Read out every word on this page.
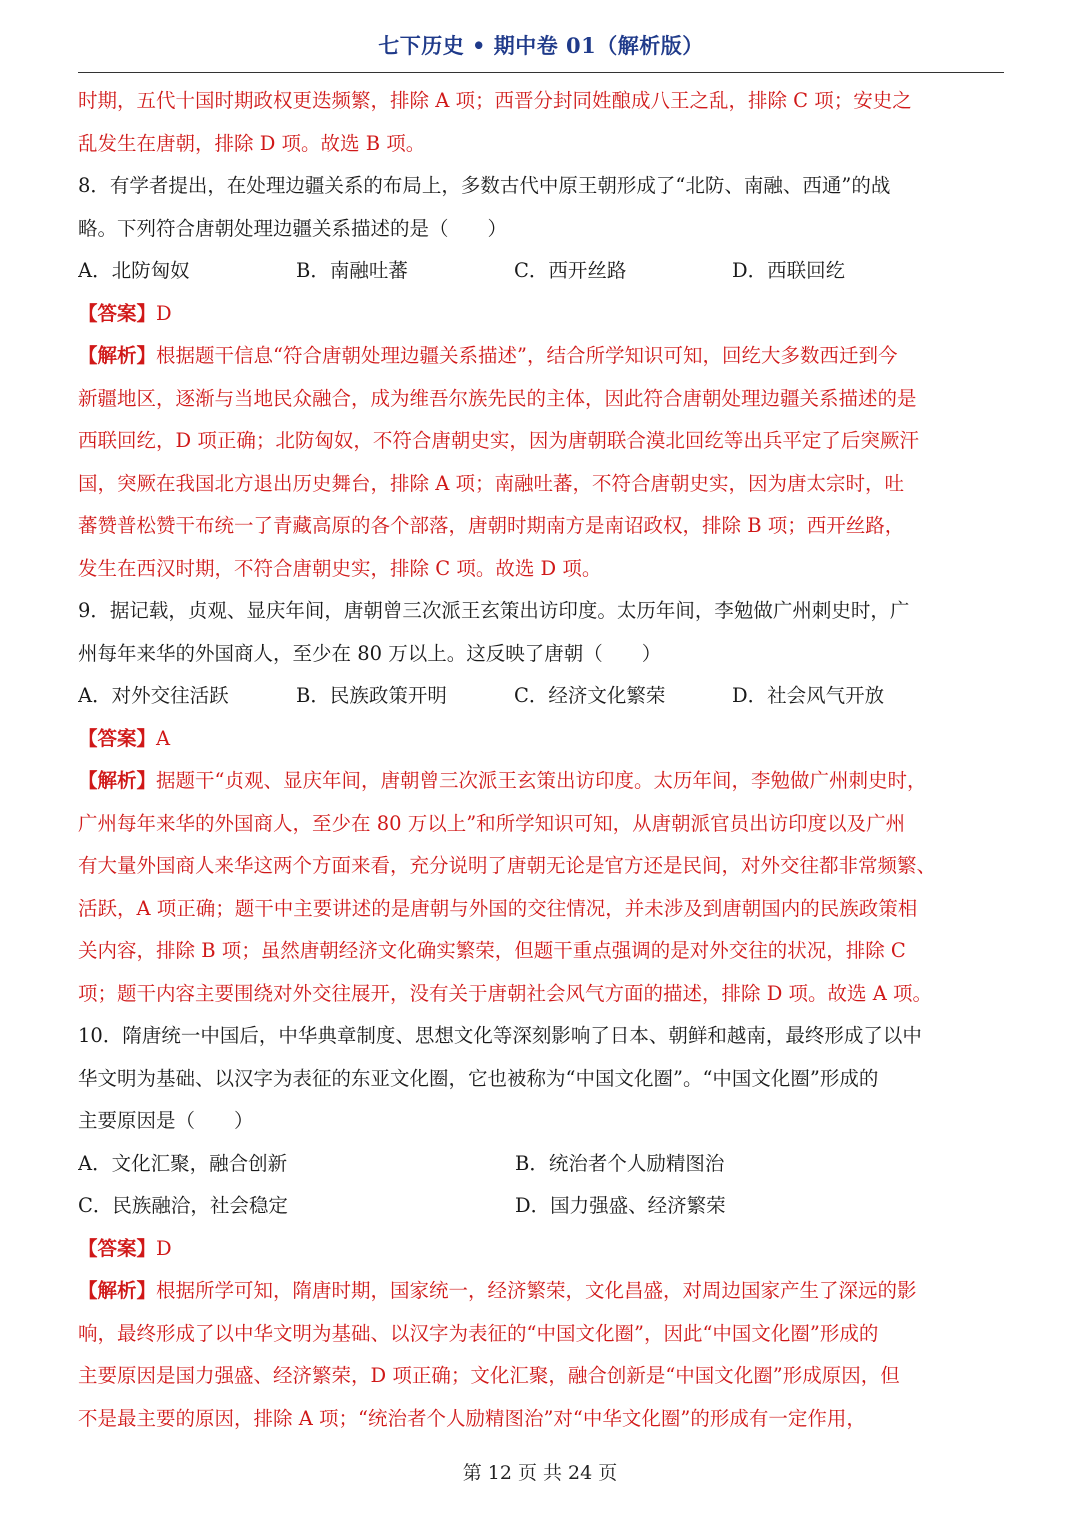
七下历史 • 期中卷 01（解析版）

时期，五代十国时期政权更迭频繁，排除 A 项；西晋分封同姓酿成八王之乱，排除 C 项；安史之

乱发生在唐朝，排除 D 项。故选 B 项。

8．有学者提出，在处理边疆关系的布局上，多数古代中原王朝形成了“北防、南融、西通”的战

略。下列符合唐朝处理边疆关系描述的是（　　）

A．北防匈奴	B．南融吐蕃	C．西开丝路	D．西联回纥

【答案】D

【解析】根据题干信息“符合唐朝处理边疆关系描述”，结合所学知识可知，回纥大多数西迁到今

新疆地区，逐渐与当地民众融合，成为维吾尔族先民的主体，因此符合唐朝处理边疆关系描述的是

西联回纥，D 项正确；北防匈奴，不符合唐朝史实，因为唐朝联合漠北回纥等出兵平定了后突厥汗

国，突厥在我国北方退出历史舞台，排除 A 项；南融吐蕃，不符合唐朝史实，因为唐太宗时，吐

蕃赞普松赞干布统一了青藏高原的各个部落，唐朝时期南方是南诏政权，排除 B 项；西开丝路，

发生在西汉时期，不符合唐朝史实，排除 C 项。故选 D 项。

9．据记载，贞观、显庆年间，唐朝曾三次派王玄策出访印度。太历年间，李勉做广州刺史时，广

州每年来华的外国商人，至少在 80 万以上。这反映了唐朝（　　）

A．对外交往活跃	B．民族政策开明	C．经济文化繁荣	D．社会风气开放

【答案】A

【解析】据题干“贞观、显庆年间，唐朝曾三次派王玄策出访印度。太历年间，李勉做广州刺史时，

广州每年来华的外国商人，至少在 80 万以上”和所学知识可知，从唐朝派官员出访印度以及广州

有大量外国商人来华这两个方面来看，充分说明了唐朝无论是官方还是民间，对外交往都非常频繁、

活跃，A 项正确；题干中主要讲述的是唐朝与外国的交往情况，并未涉及到唐朝国内的民族政策相

关内容，排除 B 项；虽然唐朝经济文化确实繁荣，但题干重点强调的是对外交往的状况，排除 C

项；题干内容主要围绕对外交往展开，没有关于唐朝社会风气方面的描述，排除 D 项。故选 A 项。

10．隋唐统一中国后，中华典章制度、思想文化等深刻影响了日本、朝鲜和越南，最终形成了以中

华文明为基础、以汉字为表征的东亚文化圈，它也被称为“中国文化圈”。“中国文化圈”形成的

主要原因是（　　）

A．文化汇聚，融合创新	B．统治者个人励精图治

C．民族融洽，社会稳定	D．国力强盛、经济繁荣

【答案】D

【解析】根据所学可知，隋唐时期，国家统一，经济繁荣，文化昌盛，对周边国家产生了深远的影

响，最终形成了以中华文明为基础、以汉字为表征的“中国文化圈”，因此“中国文化圈”形成的

主要原因是国力强盛、经济繁荣，D 项正确；文化汇聚，融合创新是“中国文化圈”形成原因，但

不是最主要的原因，排除 A 项；“统治者个人励精图治”对“中华文化圈”的形成有一定作用，

第 12 页 共 24 页
